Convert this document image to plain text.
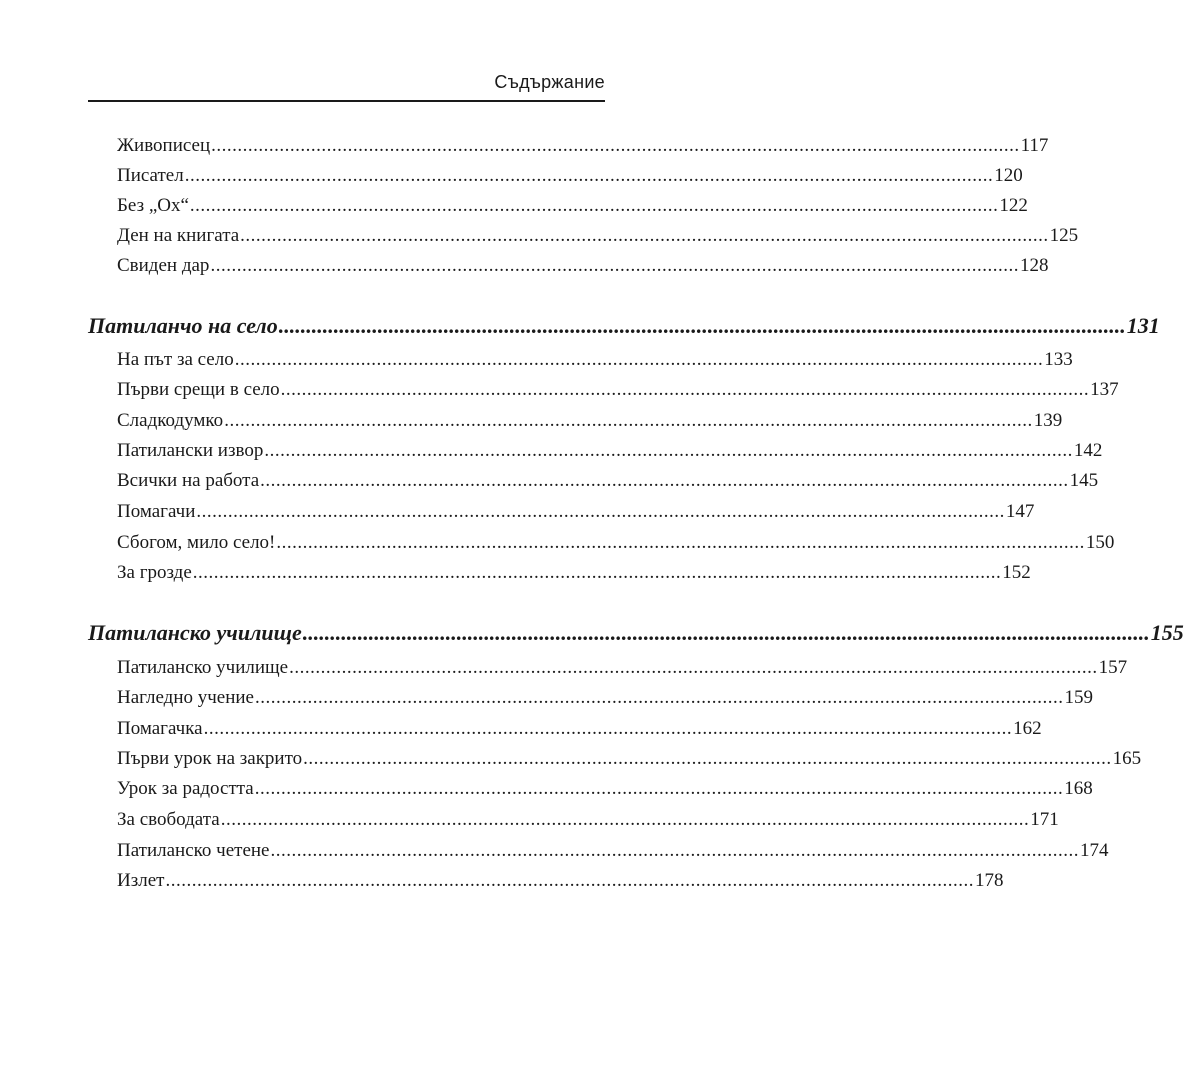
Съдържание
Живописец .......................................................................................................................................................... 117
Писател .......................................................................................................................................................... 120
Без „Ох“ .......................................................................................................................................................... 122
Ден на книгата .......................................................................................................................................................... 125
Свиден дар .......................................................................................................................................................... 128
Патиланчо на село .......................................................................................................................................................... 131
На път за село .......................................................................................................................................................... 133
Първи срещи в село .......................................................................................................................................................... 137
Сладкодумко .......................................................................................................................................................... 139
Патилански извор .......................................................................................................................................................... 142
Всички на работа .......................................................................................................................................................... 145
Помагачи .......................................................................................................................................................... 147
Сбогом, мило село! .......................................................................................................................................................... 150
За грозде .......................................................................................................................................................... 152
Патиланско училище .......................................................................................................................................................... 155
Патиланско училище .......................................................................................................................................................... 157
Нагледно учение .......................................................................................................................................................... 159
Помагачка .......................................................................................................................................................... 162
Първи урок на закрито .......................................................................................................................................................... 165
Урок за радостта .......................................................................................................................................................... 168
За свободата .......................................................................................................................................................... 171
Патиланско четене .......................................................................................................................................................... 174
Излет .......................................................................................................................................................... 178
